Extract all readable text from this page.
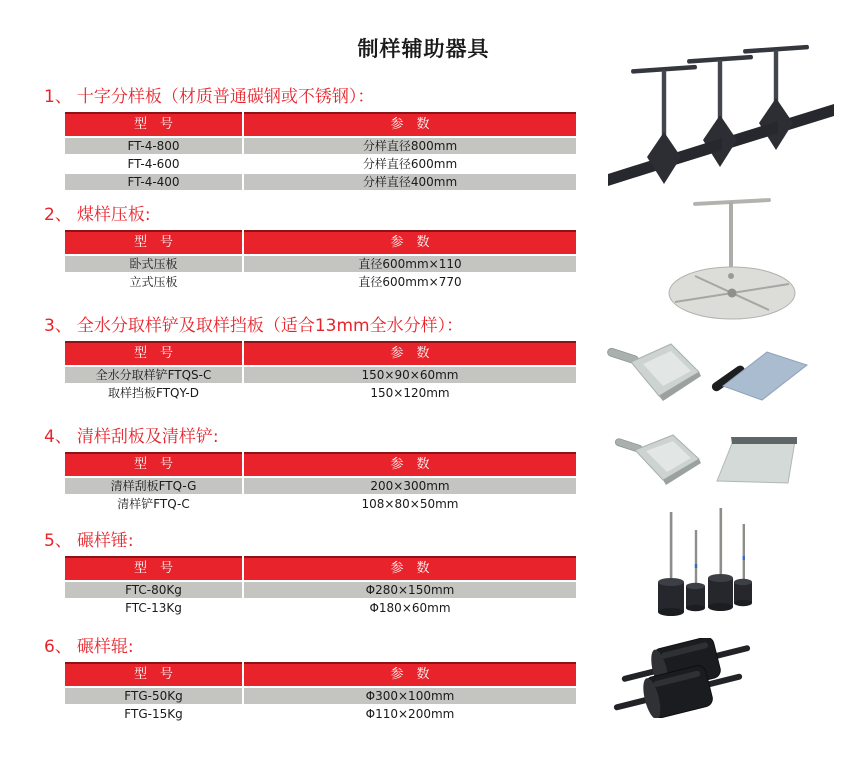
制样辅助器具
1、 十字分样板（材质普通碳钢或不锈钢）：
型　号	参　数
FT-4-800	分样直径800mm
FT-4-600	分样直径600mm
FT-4-400	分样直径400mm
2、 煤样压板:
型　号	参　数
卧式压板	直径600mm×110
立式压板	直径600mm×770
3、 全水分取样铲及取样挡板（适合13mm全水分样）：
型　号	参　数
全水分取样铲FTQS-C	150×90×60mm
取样挡板FTQY-D	150×120mm
4、 清样刮板及清样铲:
型　号	参　数
清样刮板FTQ-G	200×300mm
清样铲FTQ-C	108×80×50mm
5、 碾样锤:
型　号	参　数
FTC-80Kg	Φ280×150mm
FTC-13Kg	Φ180×60mm
6、 碾样辊:
型　号	参　数
FTG-50Kg	Φ300×100mm
FTG-15Kg	Φ110×200mm
